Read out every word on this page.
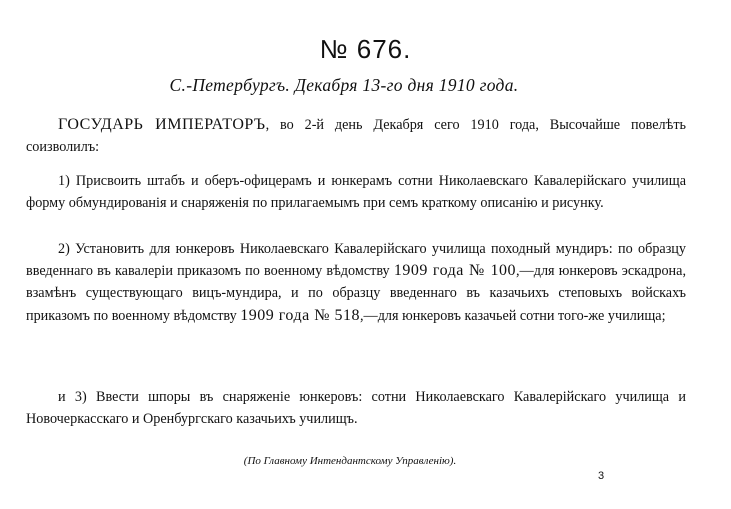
№ 676.
С.-Петербургъ. Декабря 13-го дня 1910 года.

ГОСУДАРЬ ИМПЕРАТОРЪ, во 2-й день Декабря сего 1910 года, Высочайше повелѣть соизволилъ:

1) Присвоить штабъ и оберъ-офицерамъ и юнкерамъ сотни Николаевскаго Кавалерійскаго училища форму обмундированія и снаряженія по прилагаемымъ при семъ краткому описанію и рисунку.

2) Установить для юнкеровъ Николаевскаго Кавалерійскаго училища походный мундиръ: по образцу введеннаго въ кавалеріи приказомъ по военному вѣдомству 1909 года № 100,—для юнкеровъ эскадрона, взамѣнъ существующаго вицъ-мундира, и по образцу введеннаго въ казачьихъ степовыхъ войскахъ приказомъ по военному вѣдомству 1909 года № 518,—для юнкеровъ казачьей сотни того-же училища;

и 3) Ввести шпоры въ снаряженіе юнкеровъ: сотни Николаевскаго Кавалерійскаго училища и Новочеркасскаго и Оренбургскаго казачьихъ училищъ.

(По Главному Интендантскому Управленію).
3
